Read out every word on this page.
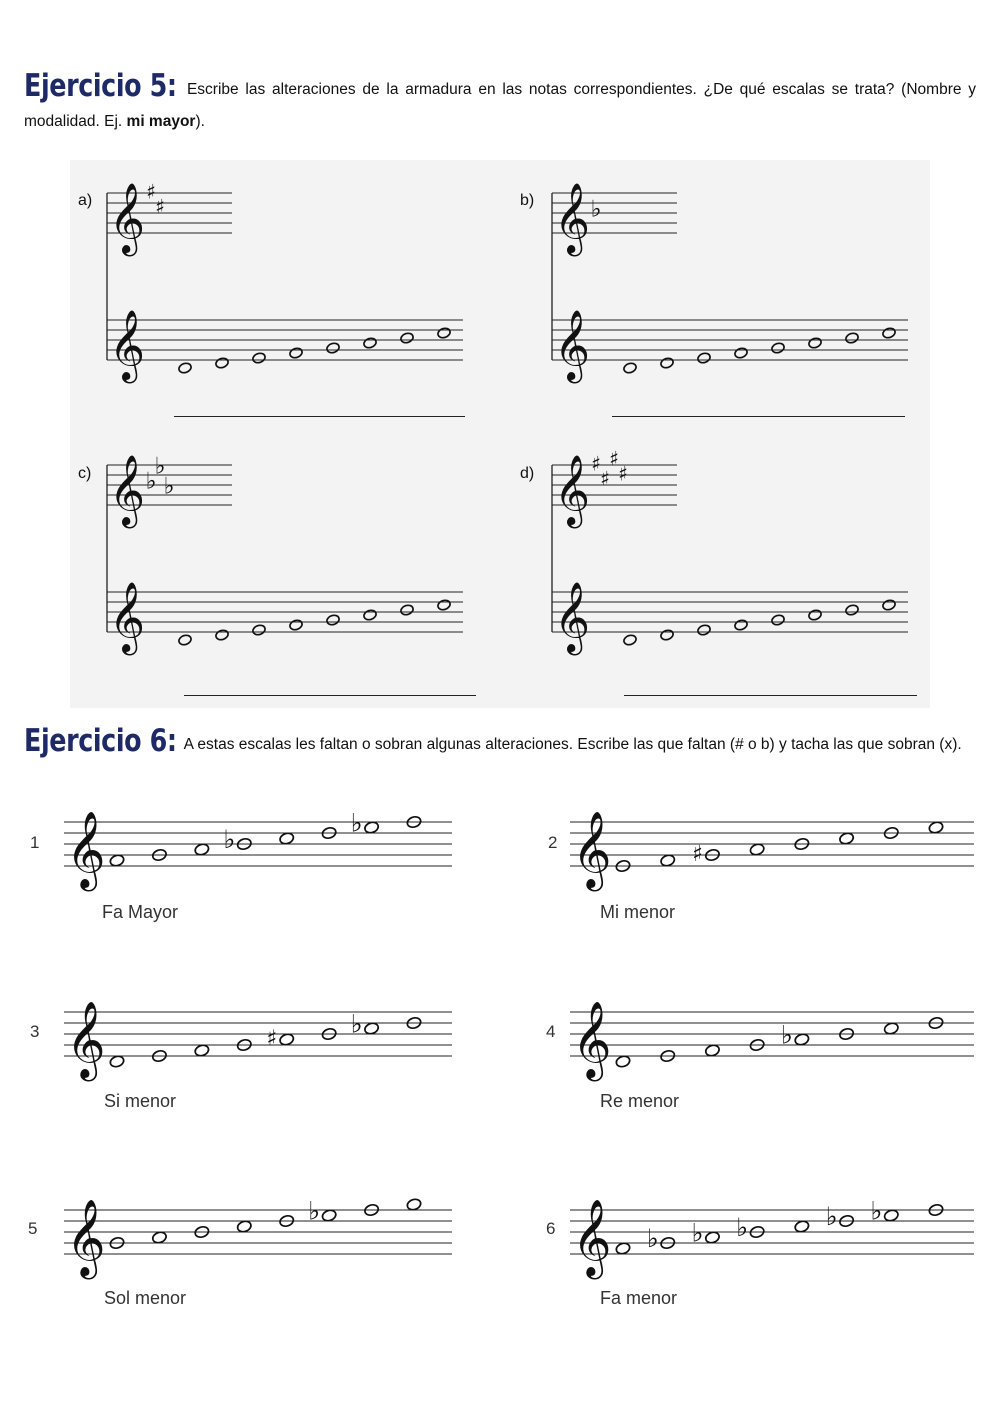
Ejercicio 5: Escribe las alteraciones de la armadura en las notas correspondientes. ¿De qué escalas se trata? (Nombre y modalidad. Ej. mi mayor).
a) 𝄞 ♯
♯
𝄞
b) 𝄞 ♭
𝄞
c) 𝄞 ♭
♭
♭
𝄞
d) 𝄞 ♯
♯
♯
♯
𝄞
Ejercicio 6: A estas escalas les faltan o sobran algunas alteraciones. Escribe las que faltan (# o b) y tacha las que sobran (x).
1 𝄞	♭
♭
Fa Mayor
2 𝄞	♯
Mi menor
3 𝄞	♯
♭
Si menor
4 𝄞	♭
Re menor
5 𝄞	♭
Sol menor
6 𝄞 ♭ ♭ ♭	♭ ♭
Fa menor
